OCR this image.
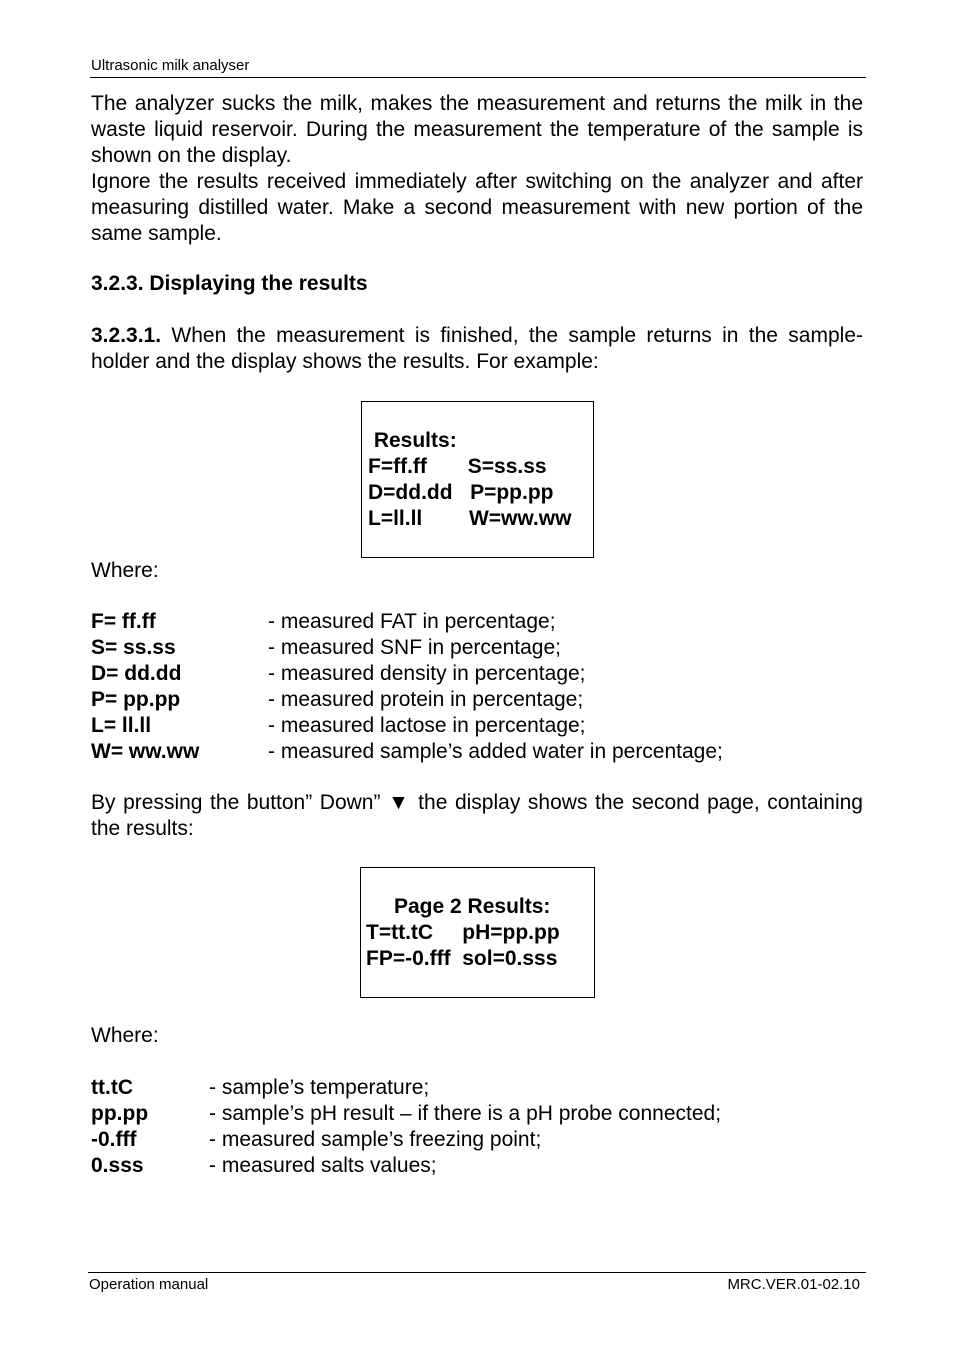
Ultrasonic milk analyser

The analyzer sucks the milk, makes the measurement and returns the milk in the waste liquid reservoir. During the measurement the temperature of the sample is shown on the display.

Ignore the results received immediately after switching on the analyzer and after measuring distilled water. Make a second measurement with new portion of the same sample.

3.2.3. Displaying the results
3.2.3.1. When the measurement is finished, the sample returns in the sample-holder and the display shows the results. For example:
Results:
F=ff.ff       S=ss.ss
D=dd.dd   P=pp.pp
L=ll.ll        W=ww.ww
Where:
F= ff.ff	- measured FAT in percentage;
S= ss.ss	- measured SNF in percentage;
D= dd.dd	- measured density in percentage;
P= pp.pp	- measured protein in percentage;
L= ll.ll	- measured lactose in percentage;
W= ww.ww	- measured sample’s added water in percentage;
By pressing the button” Down” ▼ the display shows the second page, containing the results:
Page 2 Results:
T=tt.tC     pH=pp.pp
FP=-0.fff  sol=0.sss
Where:
tt.tC	- sample’s temperature;
pp.pp	- sample’s pH result – if there is a pH probe connected;
-0.fff	- measured sample’s freezing point;
0.sss	- measured salts values;
Operation manual	MRC.VER.01-02.10
